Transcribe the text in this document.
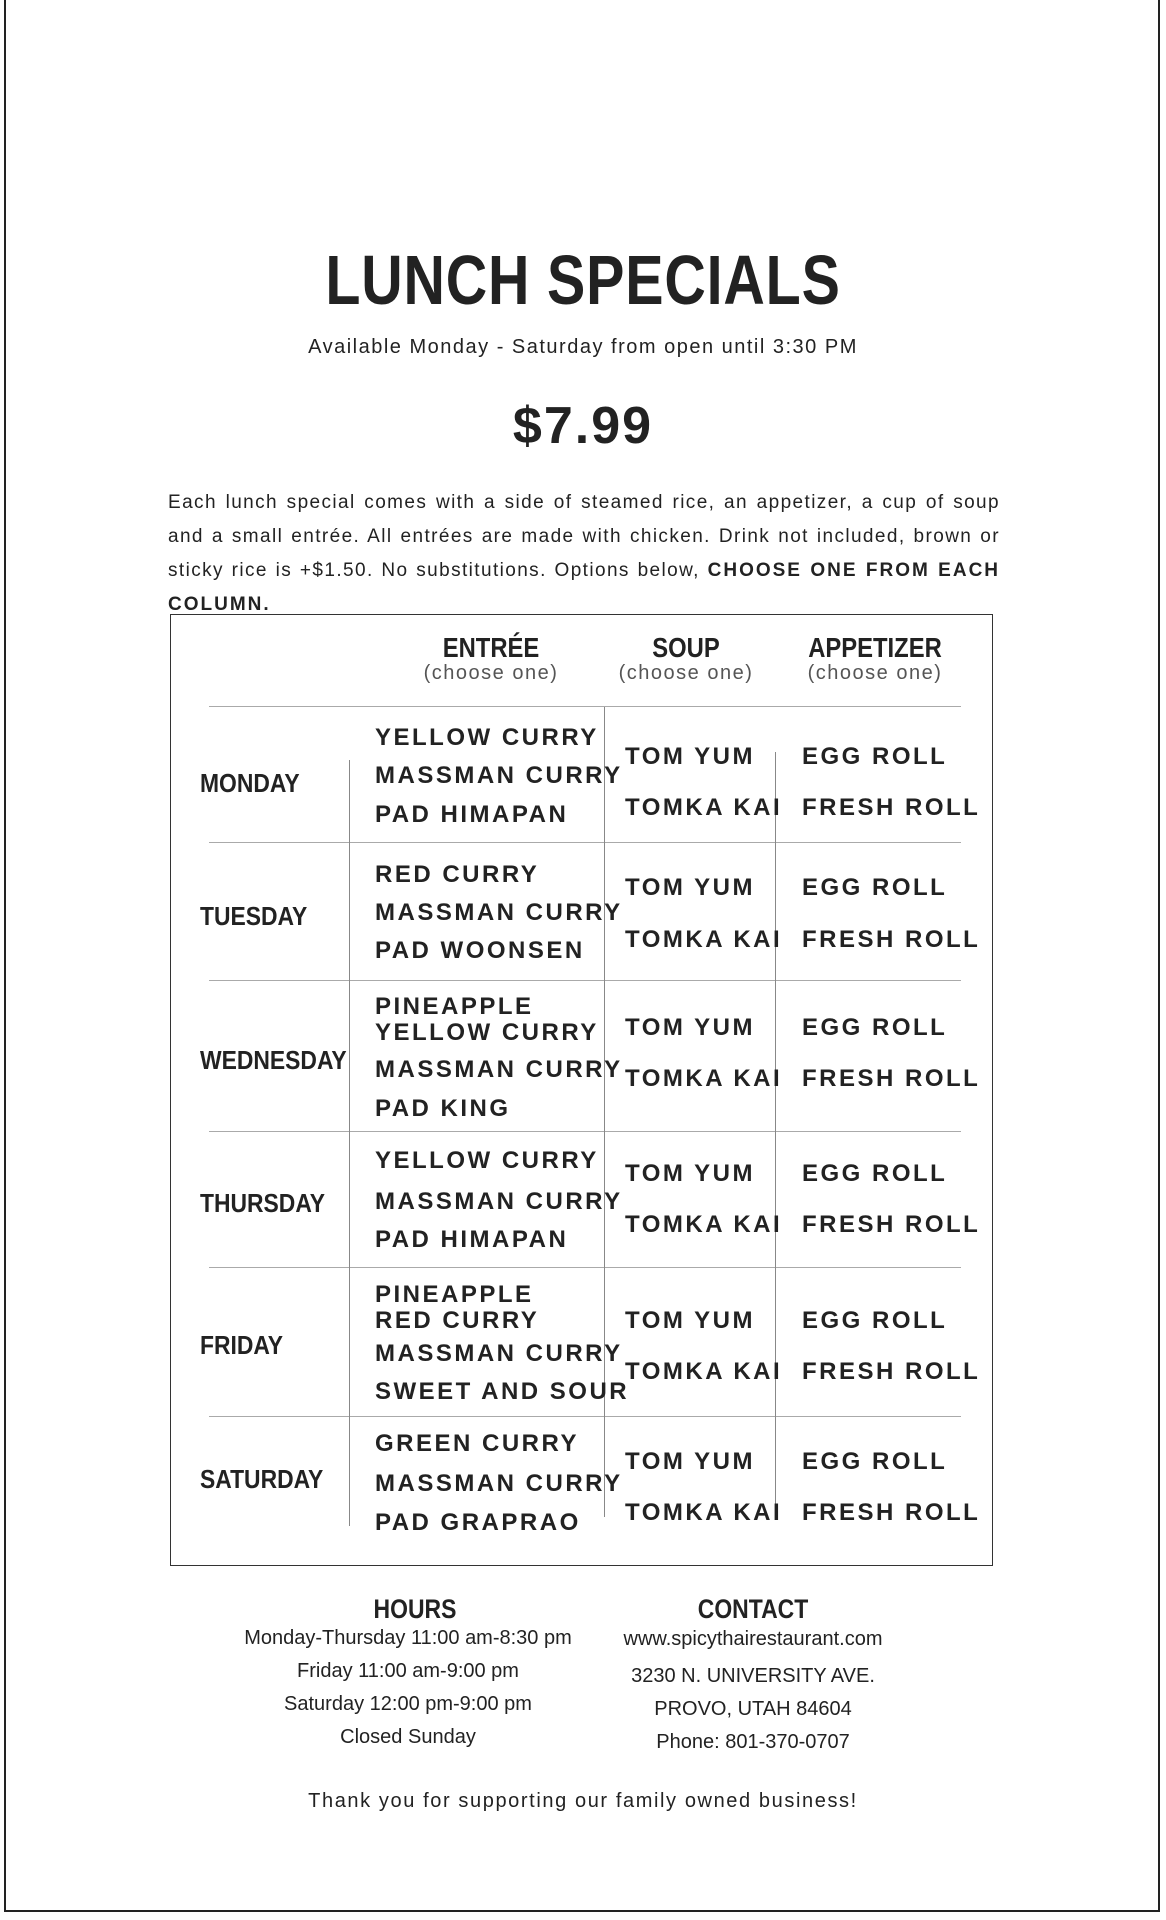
LUNCH SPECIALS
Available Monday - Saturday from open until 3:30 PM
$7.99
Each lunch special comes with a side of steamed rice, an appetizer, a cup of soup and a small entrée. All entrées are made with chicken. Drink not included, brown or sticky rice is +$1.50. No substitutions. Options below, CHOOSE ONE FROM EACH COLUMN.
ENTRÉE
(choose one)
SOUP
(choose one)
APPETIZER
(choose one)
MONDAY
YELLOW CURRY
MASSMAN CURRY
PAD HIMAPAN
TOM YUM
TOMKA KAI
EGG ROLL
FRESH ROLL
TUESDAY
RED CURRY
MASSMAN CURRY
PAD WOONSEN
TOM YUM
TOMKA KAI
EGG ROLL
FRESH ROLL
WEDNESDAY
PINEAPPLE
YELLOW CURRY
MASSMAN CURRY
PAD KING
TOM YUM
TOMKA KAI
EGG ROLL
FRESH ROLL
THURSDAY
YELLOW CURRY
MASSMAN CURRY
PAD HIMAPAN
TOM YUM
TOMKA KAI
EGG ROLL
FRESH ROLL
FRIDAY
PINEAPPLE
RED CURRY
MASSMAN CURRY
SWEET AND SOUR
TOM YUM
TOMKA KAI
EGG ROLL
FRESH ROLL
SATURDAY
GREEN CURRY
MASSMAN CURRY
PAD GRAPRAO
TOM YUM
TOMKA KAI
EGG ROLL
FRESH ROLL
HOURS
Monday-Thursday 11:00 am-8:30 pm
Friday 11:00 am-9:00 pm
Saturday 12:00 pm-9:00 pm
Closed Sunday
CONTACT
www.spicythairestaurant.com
3230 N. UNIVERSITY AVE.
PROVO, UTAH 84604
Phone: 801-370-0707
Thank you for supporting our family owned business!
